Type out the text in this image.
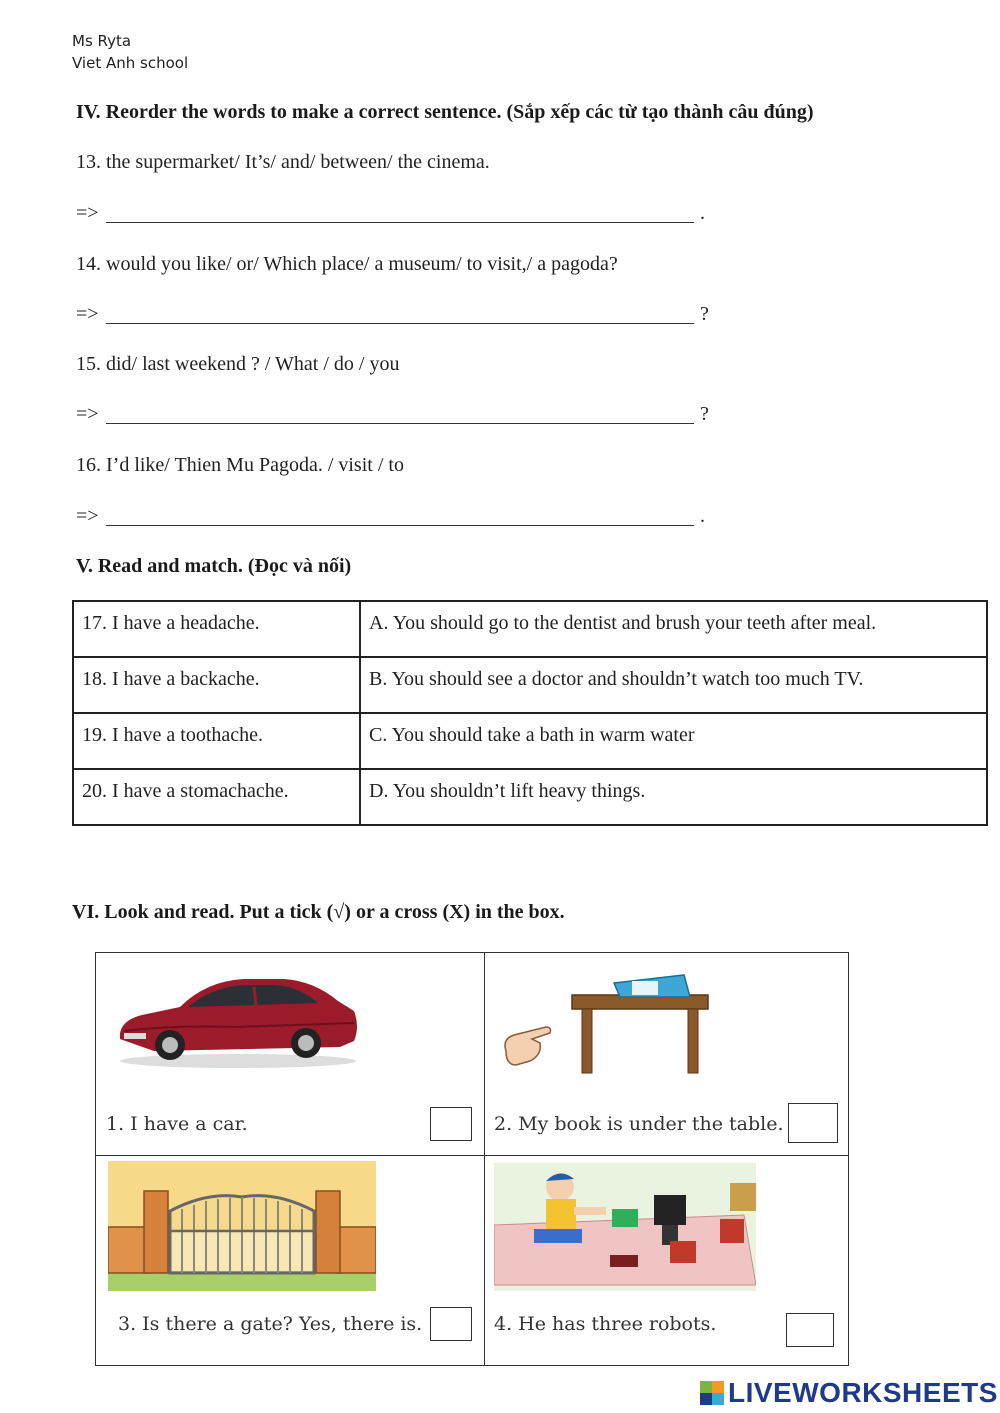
Ms Ryta
Viet Anh school
IV. Reorder the words to make a correct sentence. (Sắp xếp các từ tạo thành câu đúng)
13. the supermarket/ It’s/ and/ between/ the cinema.
=>	.
14. would you like/ or/ Which place/ a museum/ to visit,/ a pagoda?
=>	?
15. did/ last weekend ? / What / do / you
=>	?
16. I’d like/ Thien Mu Pagoda. / visit / to
=>	.
V. Read and match. (Đọc và nối)
17. I have a headache.	A. You should go to the dentist and brush your teeth after meal.
18. I have a backache.	B. You should see a doctor and shouldn’t watch too much TV.
19. I have a toothache.	C. You should take a bath in warm water
20. I have a stomachache.	D. You shouldn’t lift heavy things.
VI. Look and read. Put a tick (√) or a cross (X) in the box.
1. I have a car.	2. My book is under the table.
3. Is there a gate? Yes, there is.	4. He has three robots.
LIVEWORKSHEETS
